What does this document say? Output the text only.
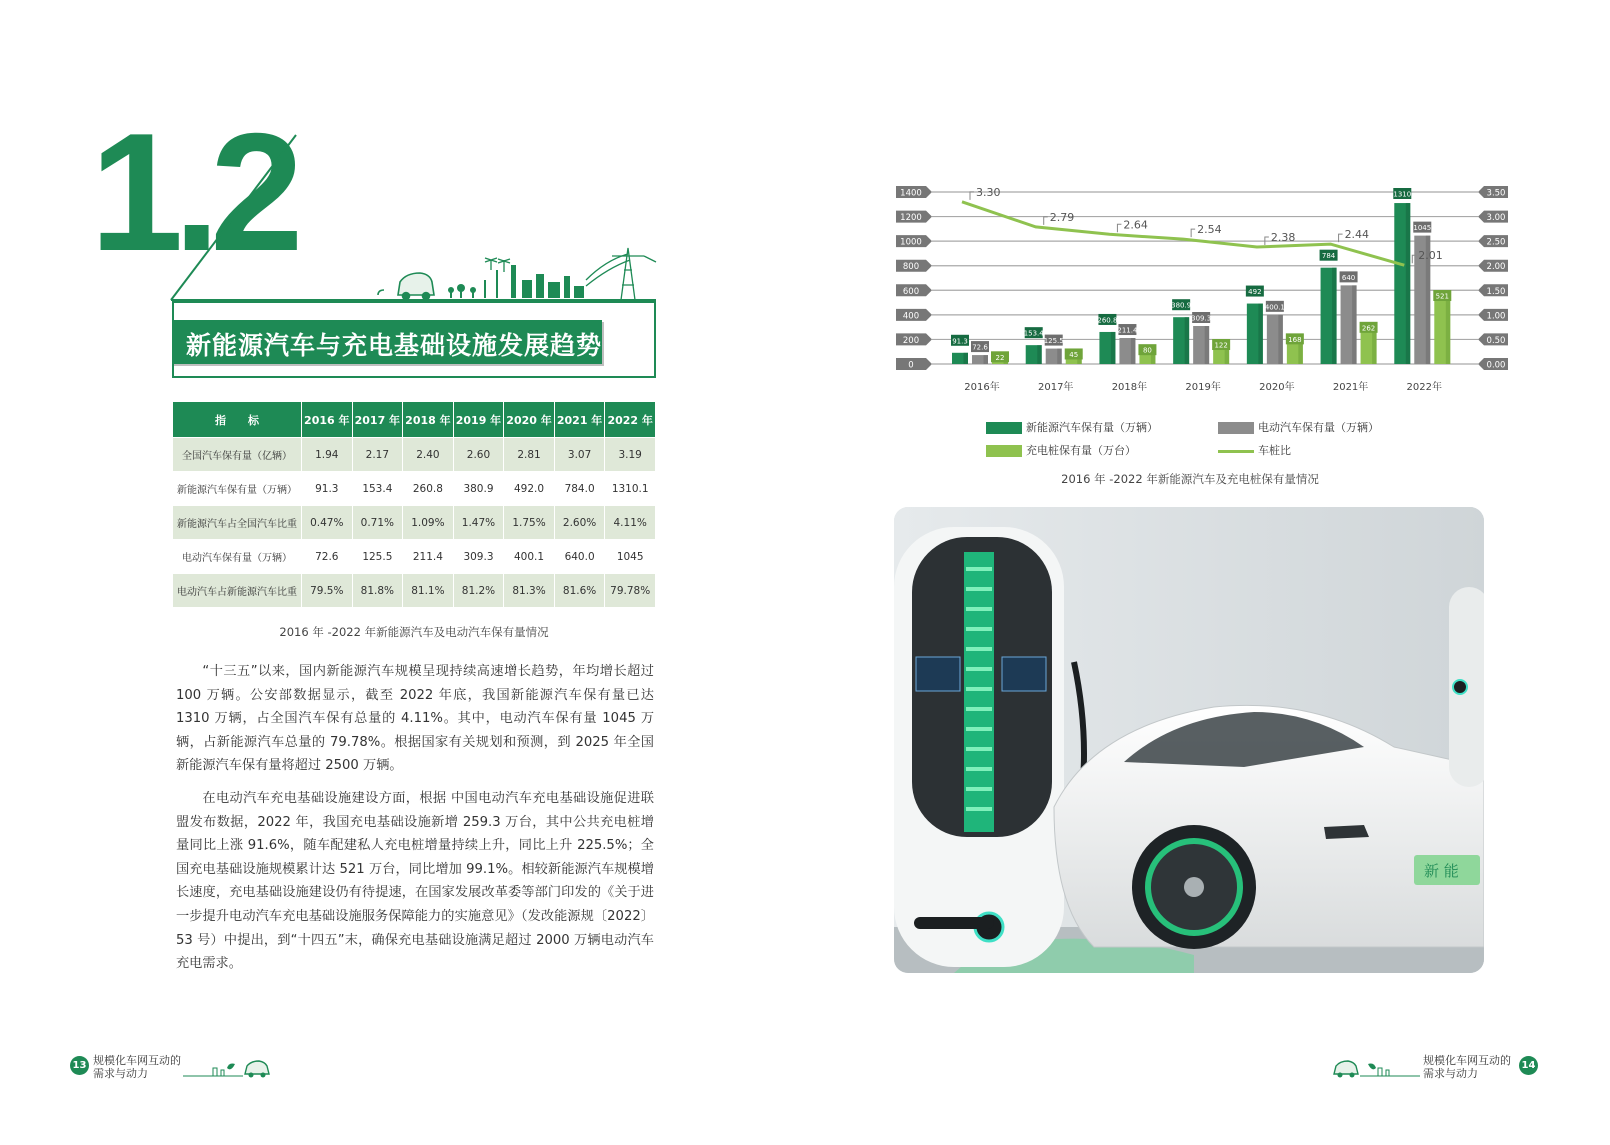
1.2
新能源汽车与充电基础设施发展趋势
指　　标	2016 年	2017 年	2018 年	2019 年	2020 年	2021 年	2022 年
全国汽车保有量（亿辆）	1.94	2.17	2.40	2.60	2.81	3.07	3.19
新能源汽车保有量（万辆）	91.3	153.4	260.8	380.9	492.0	784.0	1310.1
新能源汽车占全国汽车比重	0.47%	0.71%	1.09%	1.47%	1.75%	2.60%	4.11%
电动汽车保有量（万辆）	72.6	125.5	211.4	309.3	400.1	640.0	1045
电动汽车占新能源汽车比重	79.5%	81.8%	81.1%	81.2%	81.3%	81.6%	79.78%
2016 年 -2022 年新能源汽车及电动汽车保有量情况

“十三五”以来，国内新能源汽车规模呈现持续高速增长趋势，年均增长超过 100 万辆。公安部数据显示，截至 2022 年底，我国新能源汽车保有量已达 1310 万辆，占全国汽车保有总量的 4.11%。其中，电动汽车保有量 1045 万辆，占新能源汽车总量的 79.78%。根据国家有关规划和预测，到 2025 年全国新能源汽车保有量将超过 2500 万辆。

在电动汽车充电基础设施建设方面，根据 中国电动汽车充电基础设施促进联盟发布数据，2022 年，我国充电基础设施新增 259.3 万台，其中公共充电桩增量同比上涨 91.6%，随车配建私人充电桩增量持续上升，同比上升 225.5%；全国充电基础设施规模累计达 521 万台，同比增加 99.1%。相较新能源汽车规模增长速度，充电基础设施建设仍有待提速，在国家发展改革委等部门印发的《关于进一步提升电动汽车充电基础设施服务保障能力的实施意见》（发改能源规〔2022〕53 号）中提出，到“十四五”末，确保充电基础设施满足超过 2000 万辆电动汽车充电需求。

13 规模化车网互动的
需求与动力
0
200
400
600
800
1000
1200
1400
0.00
0.50
1.00
1.50
2.00
2.50
3.00
3.50
91.3
72.6
22
2016年
153.4
125.5
45
2017年
260.8
211.4
80
2018年
380.9
309.3
122
2019年
492
400.1
168
2020年
784
640
262
2021年
1310
1045
521
2022年
3.30
2.79
2.64	2.54
2.38	2.44
2.01
新能源汽车保有量（万辆）	电动汽车保有量（万辆）
充电桩保有量（万台）	车桩比
2016 年 -2022 年新能源汽车及充电桩保有量情况
新 能
规模化车网互动的
需求与动力
14
